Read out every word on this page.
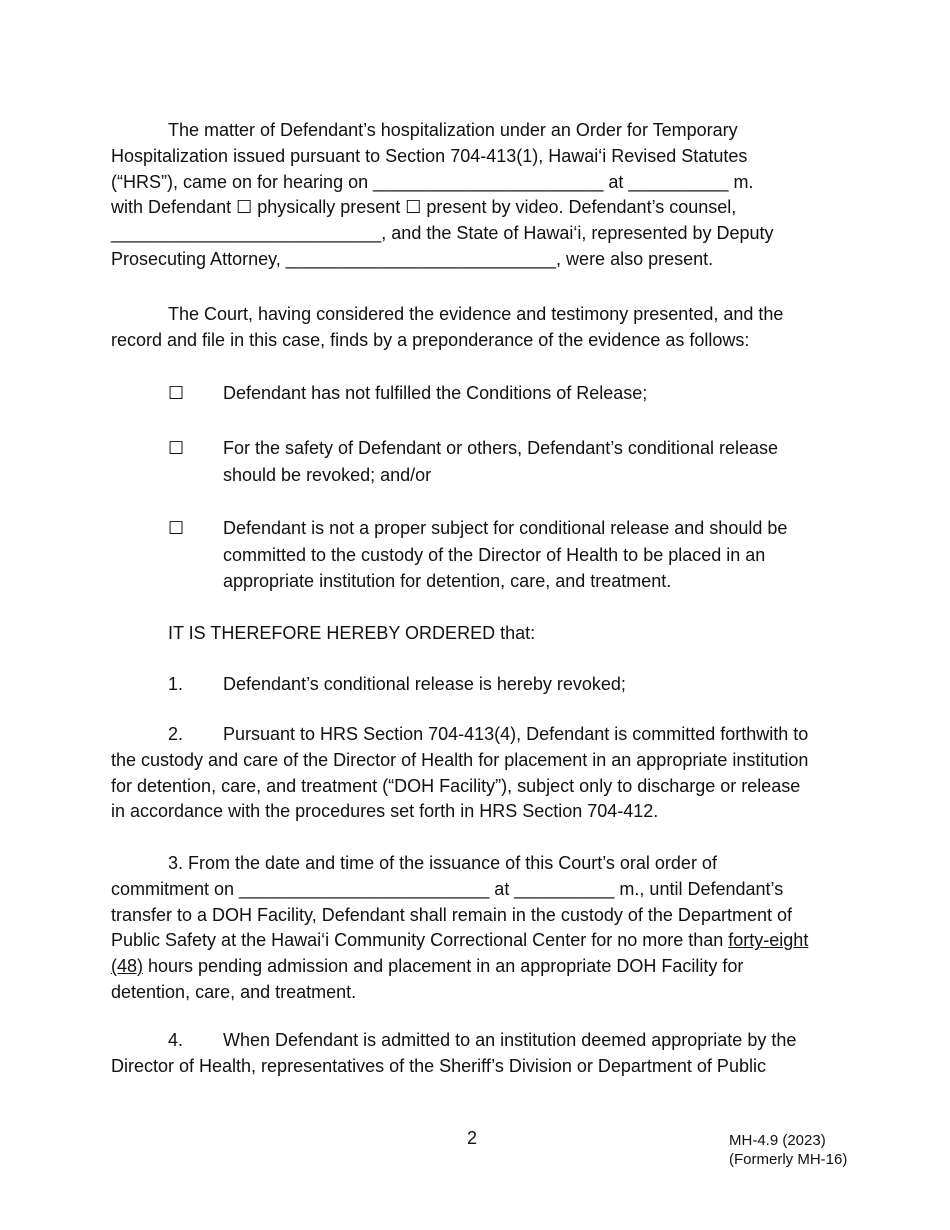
The matter of Defendant’s hospitalization under an Order for Temporary
Hospitalization issued pursuant to Section 704-413(1), Hawai‘i Revised Statutes
(“HRS”), came on for hearing on _______________________ at __________ m.
with Defendant ☐ physically present ☐ present by video. Defendant’s counsel,
___________________________, and the State of Hawai‘i, represented by Deputy
Prosecuting Attorney, ___________________________, were also present.
The Court, having considered the evidence and testimony presented, and the
record and file in this case, finds by a preponderance of the evidence as follows:
☐	Defendant has not fulfilled the Conditions of Release;
☐	For the safety of Defendant or others, Defendant’s conditional release
should be revoked; and/or
☐	Defendant is not a proper subject for conditional release and should be
committed to the custody of the Director of Health to be placed in an
appropriate institution for detention, care, and treatment.
IT IS THEREFORE HEREBY ORDERED that:
1. Defendant’s conditional release is hereby revoked;
2. Pursuant to HRS Section 704-413(4), Defendant is committed forthwith to
the custody and care of the Director of Health for placement in an appropriate institution
for detention, care, and treatment (“DOH Facility”), subject only to discharge or release
in accordance with the procedures set forth in HRS Section 704-412.
3. From the date and time of the issuance of this Court’s oral order of
commitment on _________________________ at __________ m., until Defendant’s
transfer to a DOH Facility, Defendant shall remain in the custody of the Department of
Public Safety at the Hawai‘i Community Correctional Center for no more than forty-eight
(48) hours pending admission and placement in an appropriate DOH Facility for
detention, care, and treatment.
4. When Defendant is admitted to an institution deemed appropriate by the
Director of Health, representatives of the Sheriff’s Division or Department of Public
2	MH-4.9 (2023)
(Formerly MH-16)
